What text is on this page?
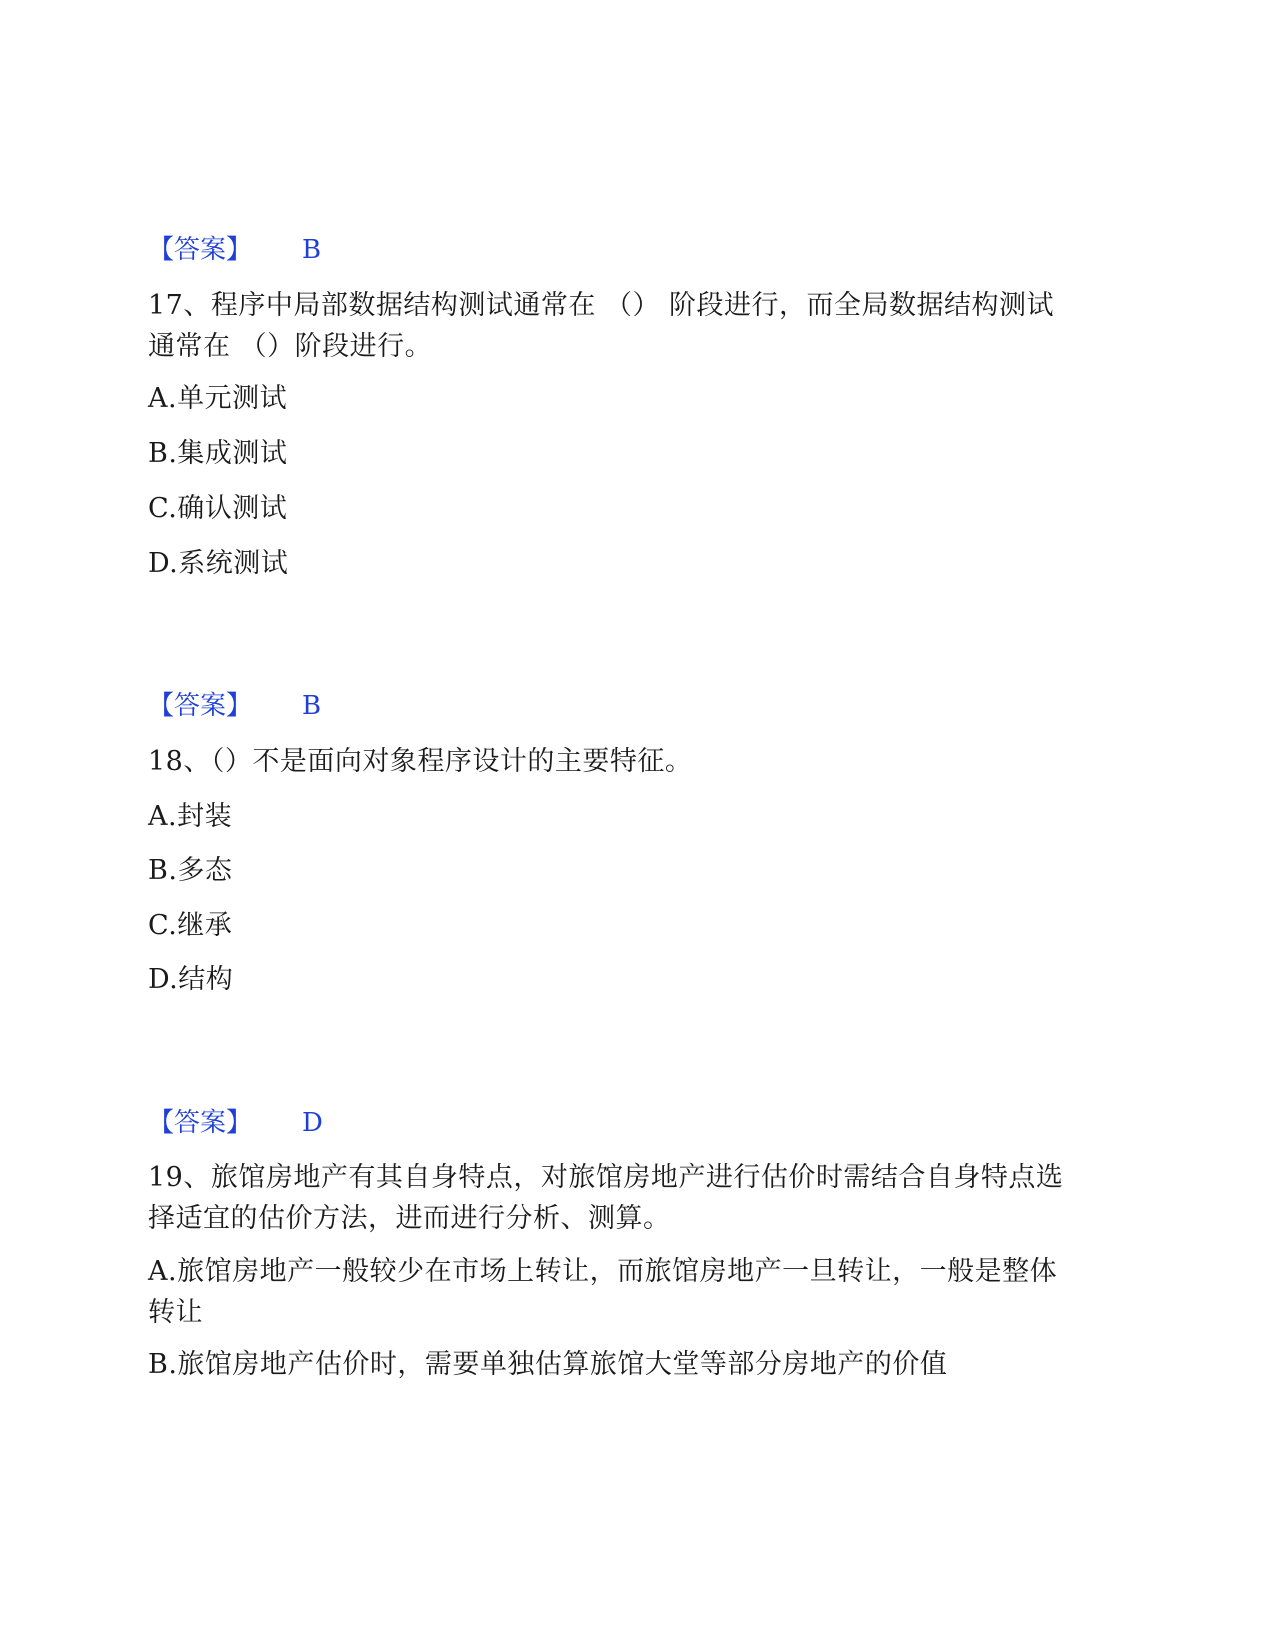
【答案】 B
17、程序中局部数据结构测试通常在 （） 阶段进行，而全局数据结构测试
通常在 （）阶段进行。
A.单元测试
B.集成测试
C.确认测试
D.系统测试
【答案】 B
18、（）不是面向对象程序设计的主要特征。
A.封装
B.多态
C.继承
D.结构
【答案】 D
19、旅馆房地产有其自身特点，对旅馆房地产进行估价时需结合自身特点选
择适宜的估价方法，进而进行分析、测算。
A.旅馆房地产一般较少在市场上转让，而旅馆房地产一旦转让，一般是整体
转让
B.旅馆房地产估价时，需要单独估算旅馆大堂等部分房地产的价值
